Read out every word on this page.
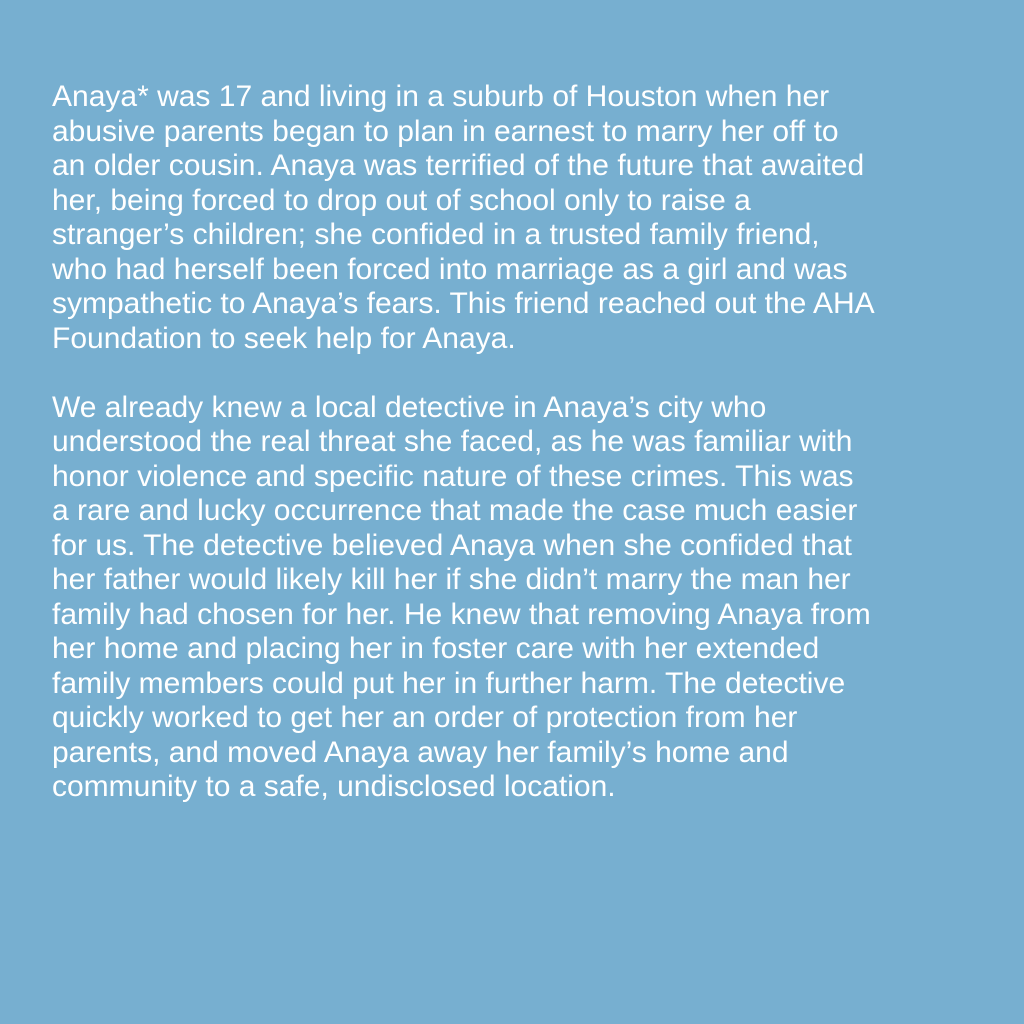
Anaya* was 17 and living in a suburb of Houston when her
abusive parents began to plan in earnest to marry her off to
an older cousin. Anaya was terrified of the future that awaited
her, being forced to drop out of school only to raise a
stranger’s children; she confided in a trusted family friend,
who had herself been forced into marriage as a girl and was
sympathetic to Anaya’s fears. This friend reached out the AHA
Foundation to seek help for Anaya.
We already knew a local detective in Anaya’s city who
understood the real threat she faced, as he was familiar with
honor violence and specific nature of these crimes. This was
a rare and lucky occurrence that made the case much easier
for us. The detective believed Anaya when she confided that
her father would likely kill her if she didn’t marry the man her
family had chosen for her. He knew that removing Anaya from
her home and placing her in foster care with her extended
family members could put her in further harm. The detective
quickly worked to get her an order of protection from her
parents, and moved Anaya away her family’s home and
community to a safe, undisclosed location.
